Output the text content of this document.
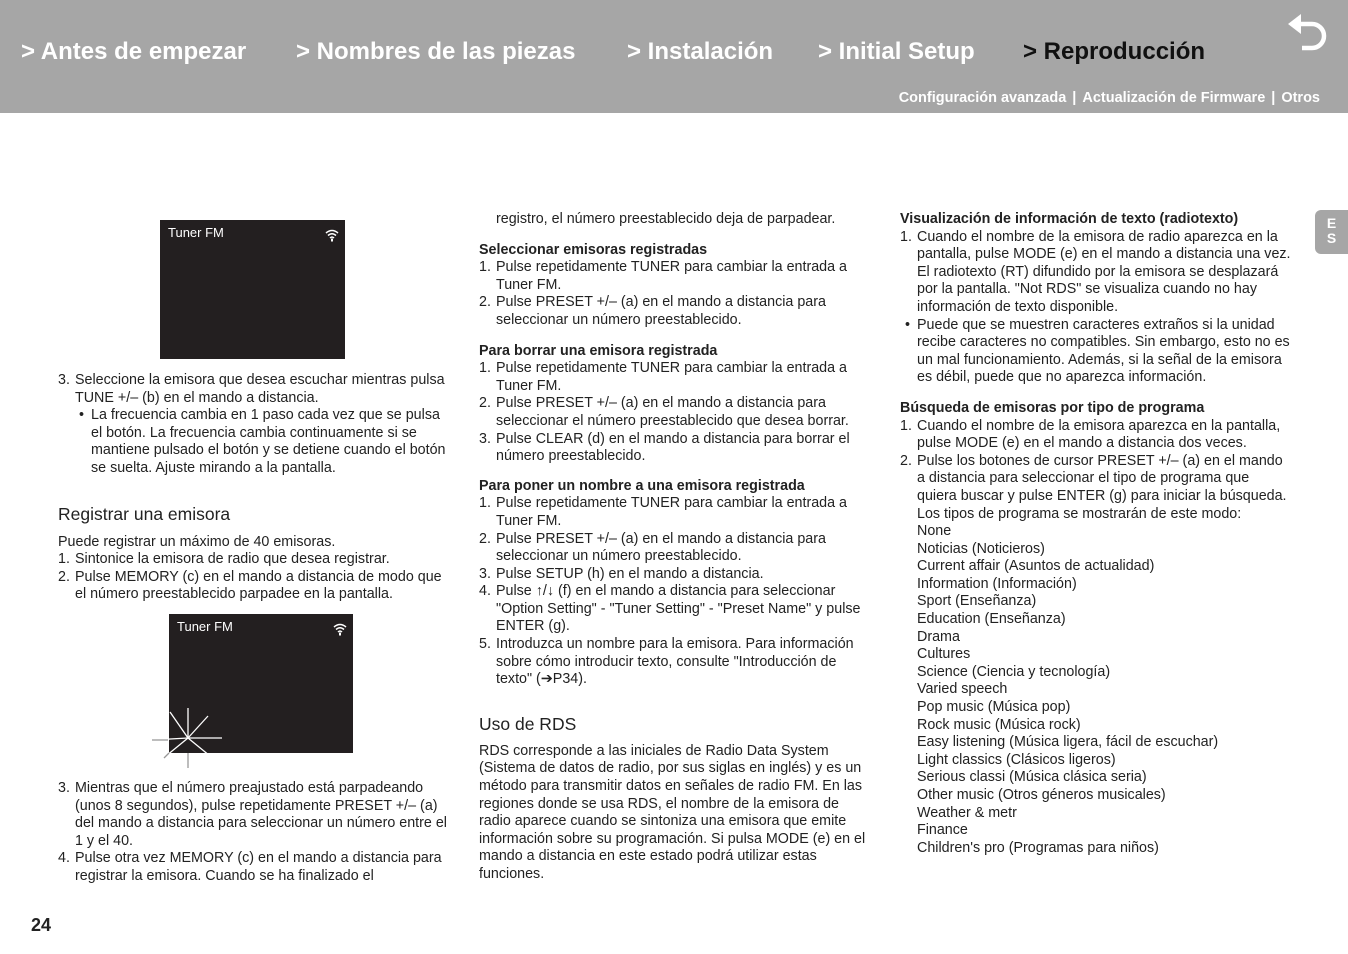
> Antes de empezar > Nombres de las piezas > Instalación > Initial Setup > Reproducción
Configuración avanzada | Actualización de Firmware | Otros
E
S
Tuner FM
Tuner FM
3. Seleccione la emisora que desea escuchar mientras pulsa TUNE +/– (b) en el mando a distancia.
• La frecuencia cambia en 1 paso cada vez que se pulsa el botón. La frecuencia cambia continuamente si se mantiene pulsado el botón y se detiene cuando el botón se suelta. Ajuste mirando a la pantalla.
Registrar una emisora

Puede registrar un máximo de 40 emisoras.

1. Sintonice la emisora de radio que desea registrar.
2. Pulse MEMORY (c) en el mando a distancia de modo que el número preestablecido parpadee en la pantalla.
3. Mientras que el número preajustado está parpadeando (unos 8 segundos), pulse repetidamente PRESET +/– (a) del mando a distancia para seleccionar un número entre el 1 y el 40.
4. Pulse otra vez MEMORY (c) en el mando a distancia para registrar la emisora. Cuando se ha finalizado el

registro, el número preestablecido deja de parpadear.

Seleccionar emisoras registradas
1. Pulse repetidamente TUNER para cambiar la entrada a Tuner FM.
2. Pulse PRESET +/– (a) en el mando a distancia para seleccionar un número preestablecido.
Para borrar una emisora registrada
1. Pulse repetidamente TUNER para cambiar la entrada a Tuner FM.
2. Pulse PRESET +/– (a) en el mando a distancia para seleccionar el número preestablecido que desea borrar.
3. Pulse CLEAR (d) en el mando a distancia para borrar el número preestablecido.
Para poner un nombre a una emisora registrada
1. Pulse repetidamente TUNER para cambiar la entrada a Tuner FM.
2. Pulse PRESET +/– (a) en el mando a distancia para seleccionar un número preestablecido.
3. Pulse SETUP (h) en el mando a distancia.
4. Pulse ↑/↓ (f) en el mando a distancia para seleccionar "Option Setting" - "Tuner Setting" - "Preset Name" y pulse ENTER (g).
5. Introduzca un nombre para la emisora. Para información sobre cómo introducir texto, consulte "Introducción de texto" (➔P34).
Uso de RDS

RDS corresponde a las iniciales de Radio Data System (Sistema de datos de radio, por sus siglas en inglés) y es un método para transmitir datos en señales de radio FM. En las regiones donde se usa RDS, el nombre de la emisora de radio aparece cuando se sintoniza una emisora que emite información sobre su programación. Si pulsa MODE (e) en el mando a distancia en este estado podrá utilizar estas funciones.

Visualización de información de texto (radiotexto)
1. Cuando el nombre de la emisora de radio aparezca en la pantalla, pulse MODE (e) en el mando a distancia una vez.

El radiotexto (RT) difundido por la emisora se desplazará por la pantalla. "Not RDS" se visualiza cuando no hay información de texto disponible.

• Puede que se muestren caracteres extraños si la unidad recibe caracteres no compatibles. Sin embargo, esto no es un mal funcionamiento. Además, si la señal de la emisora es débil, puede que no aparezca información.
Búsqueda de emisoras por tipo de programa
1. Cuando el nombre de la emisora aparezca en la pantalla, pulse MODE (e) en el mando a distancia dos veces.
2. Pulse los botones de cursor PRESET +/– (a) en el mando a distancia para seleccionar el tipo de programa que quiera buscar y pulse ENTER (g) para iniciar la búsqueda.

Los tipos de programa se mostrarán de este modo:

None

Noticias (Noticieros)

Current affair (Asuntos de actualidad)

Information (Información)

Sport (Enseñanza)

Education (Enseñanza)

Drama

Cultures

Science (Ciencia y tecnología)

Varied speech

Pop music (Música pop)

Rock music (Música rock)

Easy listening (Música ligera, fácil de escuchar)

Light classics (Clásicos ligeros)

Serious classi (Música clásica seria)

Other music (Otros géneros musicales)

Weather & metr

Finance

Children's pro (Programas para niños)

24
